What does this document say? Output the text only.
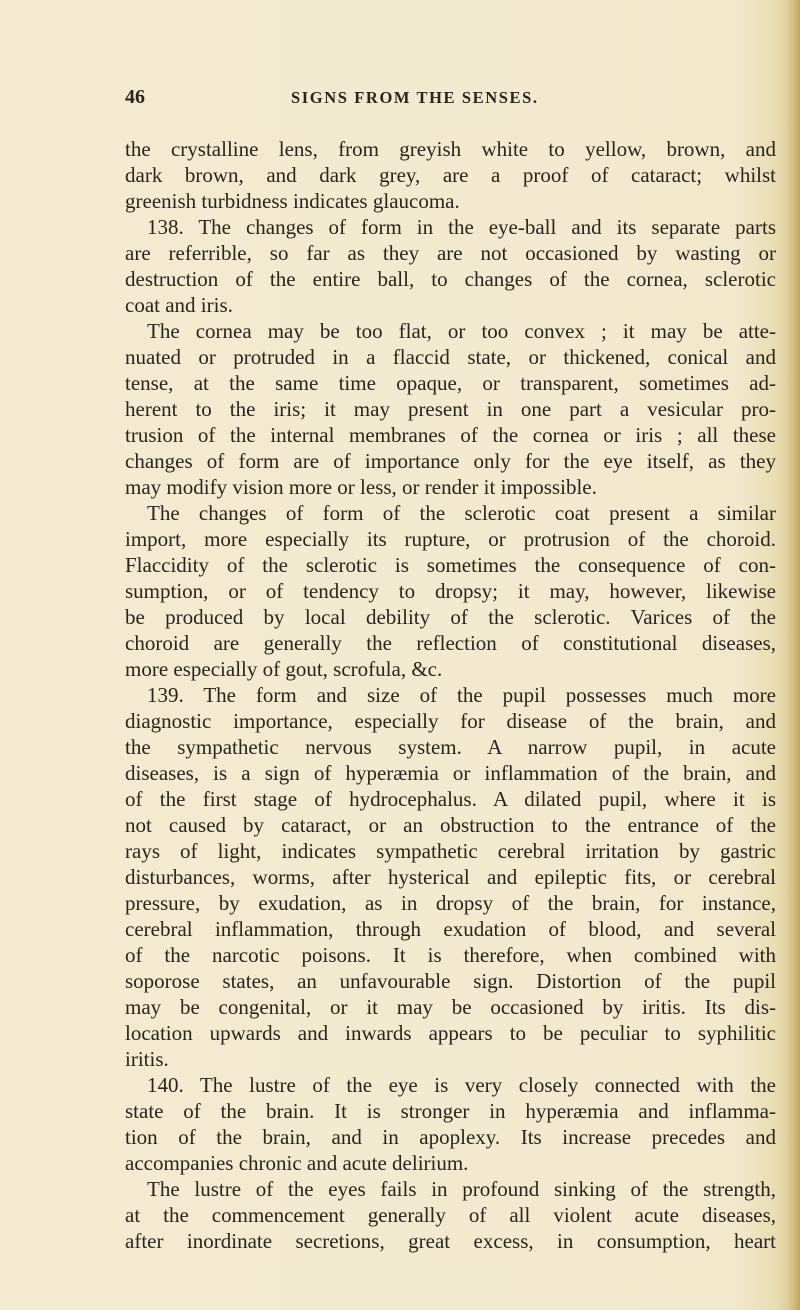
46	SIGNS FROM THE SENSES.
the crystalline lens, from greyish white to yellow, brown, and
dark brown, and dark grey, are a proof of cataract; whilst
greenish turbidness indicates glaucoma.
138. The changes of form in the eye-ball and its separate parts
are referrible, so far as they are not occasioned by wasting or
destruction of the entire ball, to changes of the cornea, sclerotic
coat and iris.
The cornea may be too flat, or too convex ; it may be atte-
nuated or protruded in a flaccid state, or thickened, conical and
tense, at the same time opaque, or transparent, sometimes ad-
herent to the iris; it may present in one part a vesicular pro-
trusion of the internal membranes of the cornea or iris ; all these
changes of form are of importance only for the eye itself, as they
may modify vision more or less, or render it impossible.
The changes of form of the sclerotic coat present a similar
import, more especially its rupture, or protrusion of the choroid.
Flaccidity of the sclerotic is sometimes the consequence of con-
sumption, or of tendency to dropsy; it may, however, likewise
be produced by local debility of the sclerotic. Varices of the
choroid are generally the reflection of constitutional diseases,
more especially of gout, scrofula, &c.
139. The form and size of the pupil possesses much more
diagnostic importance, especially for disease of the brain, and
the sympathetic nervous system. A narrow pupil, in acute
diseases, is a sign of hyperæmia or inflammation of the brain, and
of the first stage of hydrocephalus. A dilated pupil, where it is
not caused by cataract, or an obstruction to the entrance of the
rays of light, indicates sympathetic cerebral irritation by gastric
disturbances, worms, after hysterical and epileptic fits, or cerebral
pressure, by exudation, as in dropsy of the brain, for instance,
cerebral inflammation, through exudation of blood, and several
of the narcotic poisons. It is therefore, when combined with
soporose states, an unfavourable sign. Distortion of the pupil
may be congenital, or it may be occasioned by iritis. Its dis-
location upwards and inwards appears to be peculiar to syphilitic
iritis.
140. The lustre of the eye is very closely connected with the
state of the brain. It is stronger in hyperæmia and inflamma-
tion of the brain, and in apoplexy. Its increase precedes and
accompanies chronic and acute delirium.
The lustre of the eyes fails in profound sinking of the strength,
at the commencement generally of all violent acute diseases,
after inordinate secretions, great excess, in consumption, heart
